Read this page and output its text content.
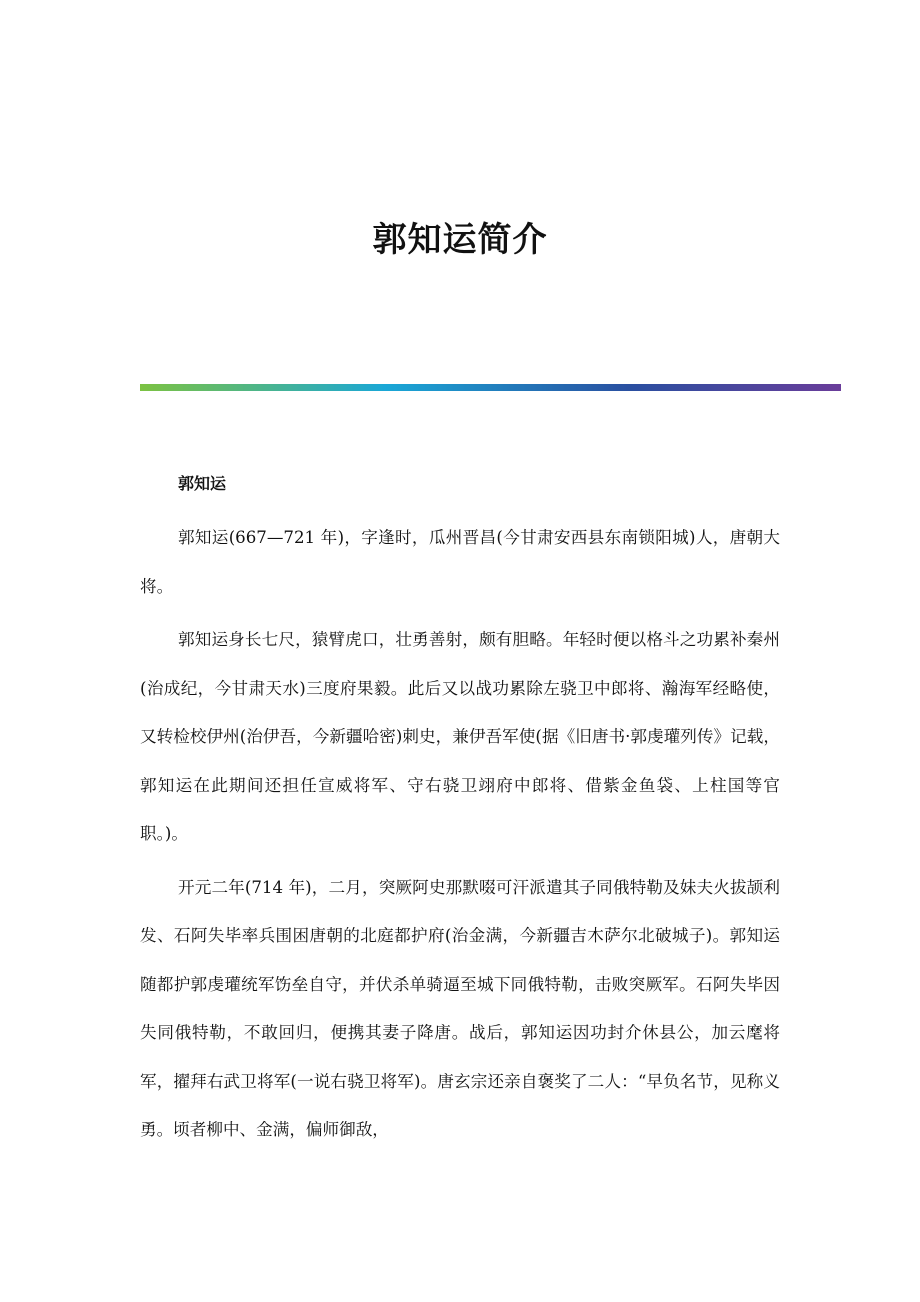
郭知运简介

郭知运

郭知运(667—721 年)，字逢时，瓜州晋昌(今甘肃安西县东南锁阳城)人，唐朝大将。

郭知运身长七尺，猿臂虎口，壮勇善射，颇有胆略。年轻时便以格斗之功累补秦州(治成纪，今甘肃天水)三度府果毅。此后又以战功累除左骁卫中郎将、瀚海军经略使，又转检校伊州(治伊吾，今新疆哈密)刺史，兼伊吾军使(据《旧唐书·郭虔瓘列传》记载，郭知运在此期间还担任宣威将军、守右骁卫翊府中郎将、借紫金鱼袋、上柱国等官职。)。

开元二年(714 年)，二月，突厥阿史那默啜可汗派遣其子同俄特勒及妹夫火拔颉利发、石阿失毕率兵围困唐朝的北庭都护府(治金满，今新疆吉木萨尔北破城子)。郭知运随都护郭虔瓘统军饬垒自守，并伏杀单骑逼至城下同俄特勒，击败突厥军。石阿失毕因失同俄特勒，不敢回归，便携其妻子降唐。战后，郭知运因功封介休县公，加云麾将军，擢拜右武卫将军(一说右骁卫将军)。唐玄宗还亲自褒奖了二人：“早负名节，见称义勇。顷者柳中、金满，偏师御敌，
